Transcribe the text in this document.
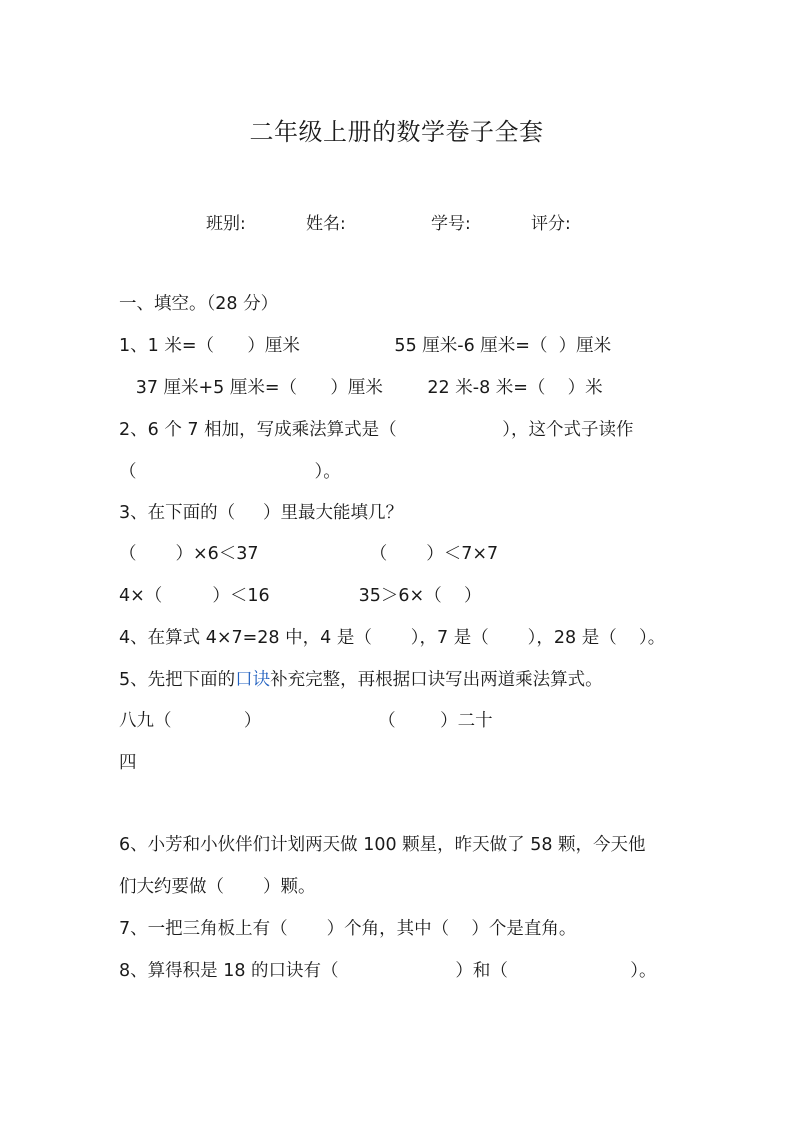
二年级上册的数学卷子全套
班别:	姓名:	学号:	评分:
一、填空。（28 分）
1、1 米=（      ）厘米                 55 厘米-6 厘米=（  ）厘米
37 厘米+5 厘米=（      ）厘米        22 米-8 米=（    ）米
2、6 个 7 相加，写成乘法算式是（                   ），这个式子读作
（                                ）。
3、在下面的（     ）里最大能填几？
（       ）×6＜37                    （       ）＜7×7
4×（         ）＜16                35＞6×（    ）
4、在算式 4×7=28 中，4 是（       ），7 是（       ），28 是（    ）。
5、先把下面的口诀补充完整，再根据口诀写出两道乘法算式。
八九（             ）                     （        ）二十
四
6、小芳和小伙伴们计划两天做 100 颗星，昨天做了 58 颗，今天他
们大约要做（       ）颗。
7、一把三角板上有（       ）个角，其中（    ）个是直角。
8、算得积是 18 的口诀有（                     ）和（                      ）。
